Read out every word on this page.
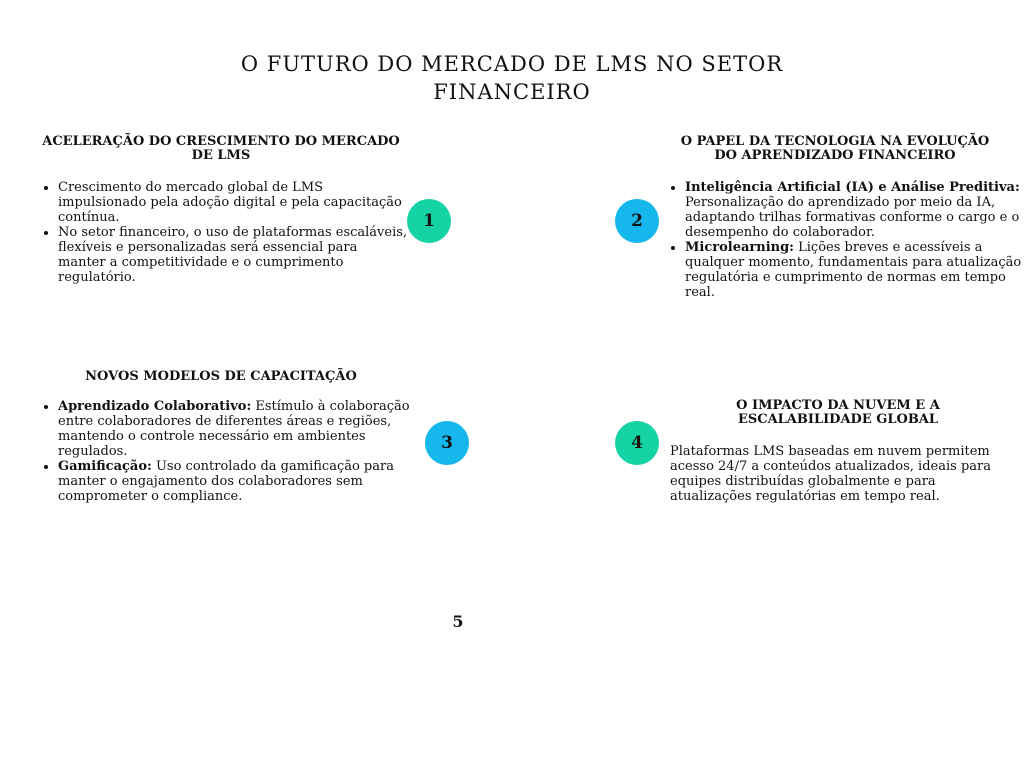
O FUTURO DO MERCADO DE LMS NO SETOR FINANCEIRO
ACELERAÇÃO DO CRESCIMENTO DO MERCADO DE LMS
• Crescimento do mercado global de LMS impulsionado pela adoção digital e pela capacitação contínua.
• No setor financeiro, o uso de plataformas escaláveis, flexíveis e personalizadas será essencial para manter a competitividade e o cumprimento regulatório.
1
O PAPEL DA TECNOLOGIA NA EVOLUÇÃO DO APRENDIZADO FINANCEIRO
• Inteligência Artificial (IA) e Análise Preditiva: Personalização do aprendizado por meio da IA, adaptando trilhas formativas conforme o cargo e o desempenho do colaborador.
• Microlearning: Lições breves e acessíveis a qualquer momento, fundamentais para atualização regulatória e cumprimento de normas em tempo real.
2
NOVOS MODELOS DE CAPACITAÇÃO
• Aprendizado Colaborativo: Estímulo à colaboração entre colaboradores de diferentes áreas e regiões, mantendo o controle necessário em ambientes regulados.
• Gamificação: Uso controlado da gamificação para manter o engajamento dos colaboradores sem comprometer o compliance.
3
O IMPACTO DA NUVEM E A ESCALABILIDADE GLOBAL
Plataformas LMS baseadas em nuvem permitem acesso 24/7 a conteúdos atualizados, ideais para equipes distribuídas globalmente e para atualizações regulatórias em tempo real.
4
5
